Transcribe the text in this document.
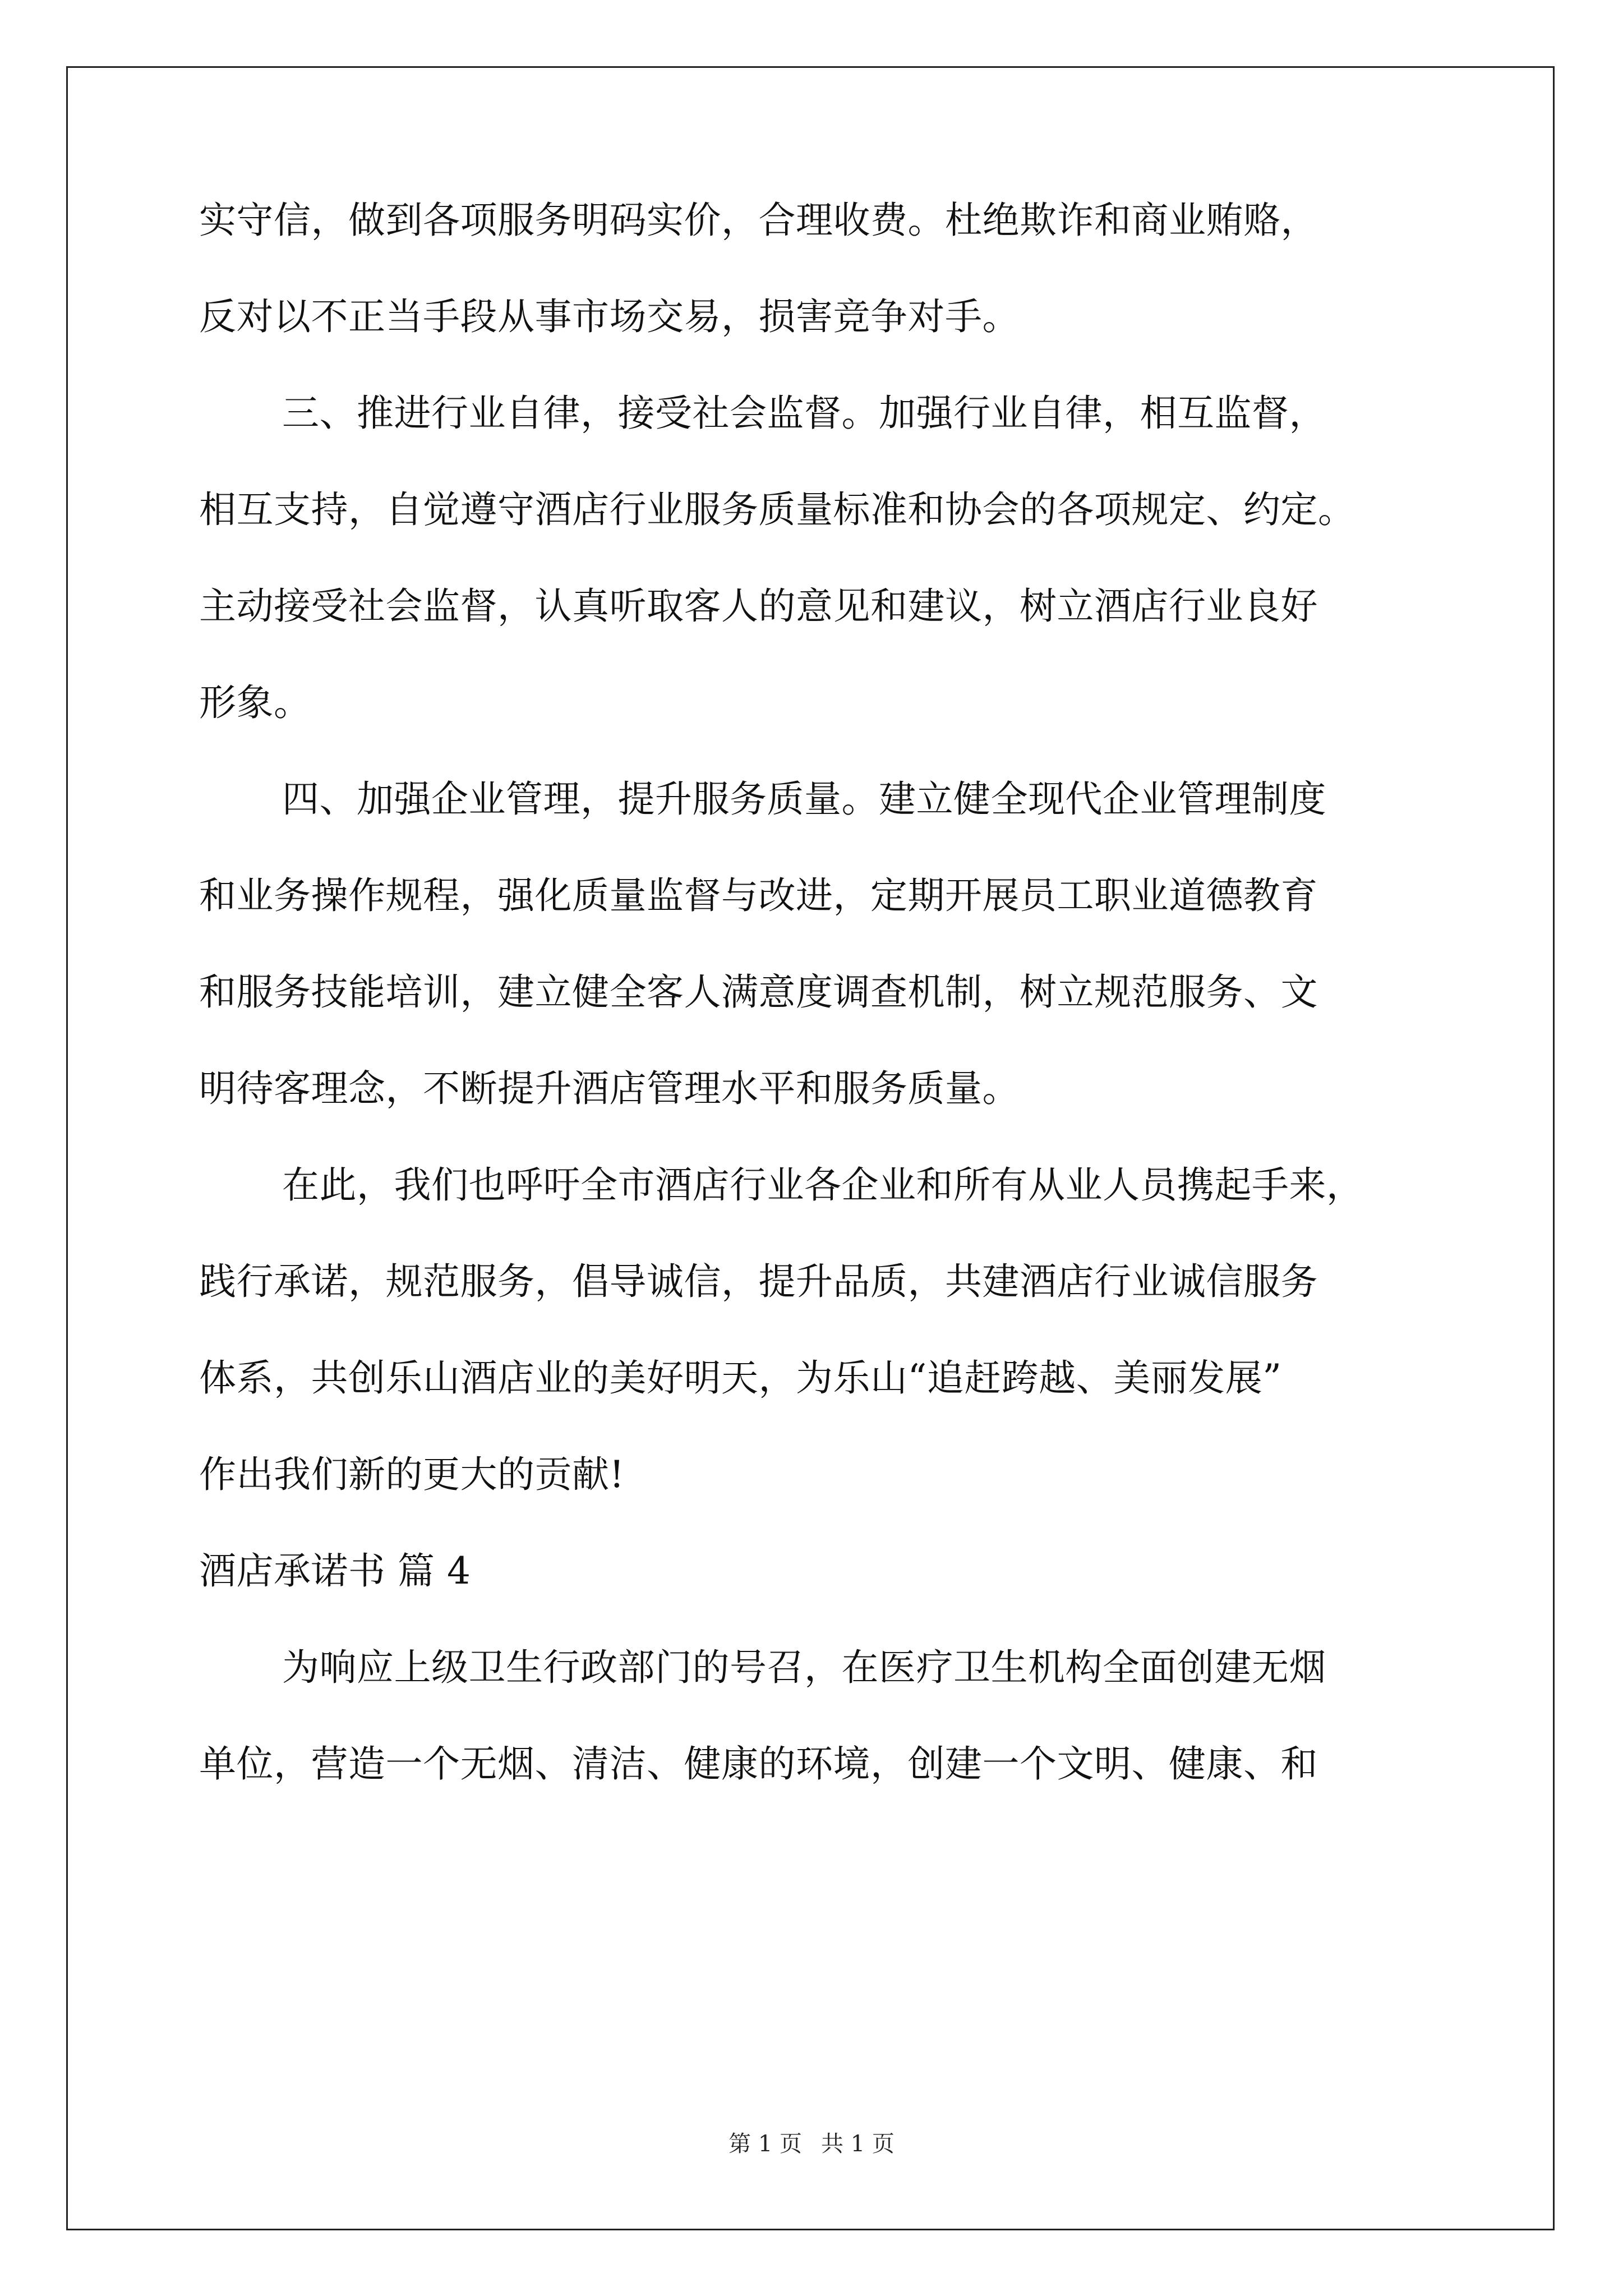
实守信，做到各项服务明码实价，合理收费。杜绝欺诈和商业贿赂，
反对以不正当手段从事市场交易，损害竞争对手。
三、推进行业自律，接受社会监督。加强行业自律，相互监督，
相互支持，自觉遵守酒店行业服务质量标准和协会的各项规定、约定。
主动接受社会监督，认真听取客人的意见和建议，树立酒店行业良好
形象。
四、加强企业管理，提升服务质量。建立健全现代企业管理制度
和业务操作规程，强化质量监督与改进，定期开展员工职业道德教育
和服务技能培训，建立健全客人满意度调查机制，树立规范服务、文
明待客理念，不断提升酒店管理水平和服务质量。
在此，我们也呼吁全市酒店行业各企业和所有从业人员携起手来，
践行承诺，规范服务，倡导诚信，提升品质，共建酒店行业诚信服务
体系，共创乐山酒店业的美好明天，为乐山“追赶跨越、美丽发展”
作出我们新的更大的贡献!
酒店承诺书 篇 4
为响应上级卫生行政部门的号召，在医疗卫生机构全面创建无烟
单位，营造一个无烟、清洁、健康的环境，创建一个文明、健康、和
第 1 页 共 1 页
